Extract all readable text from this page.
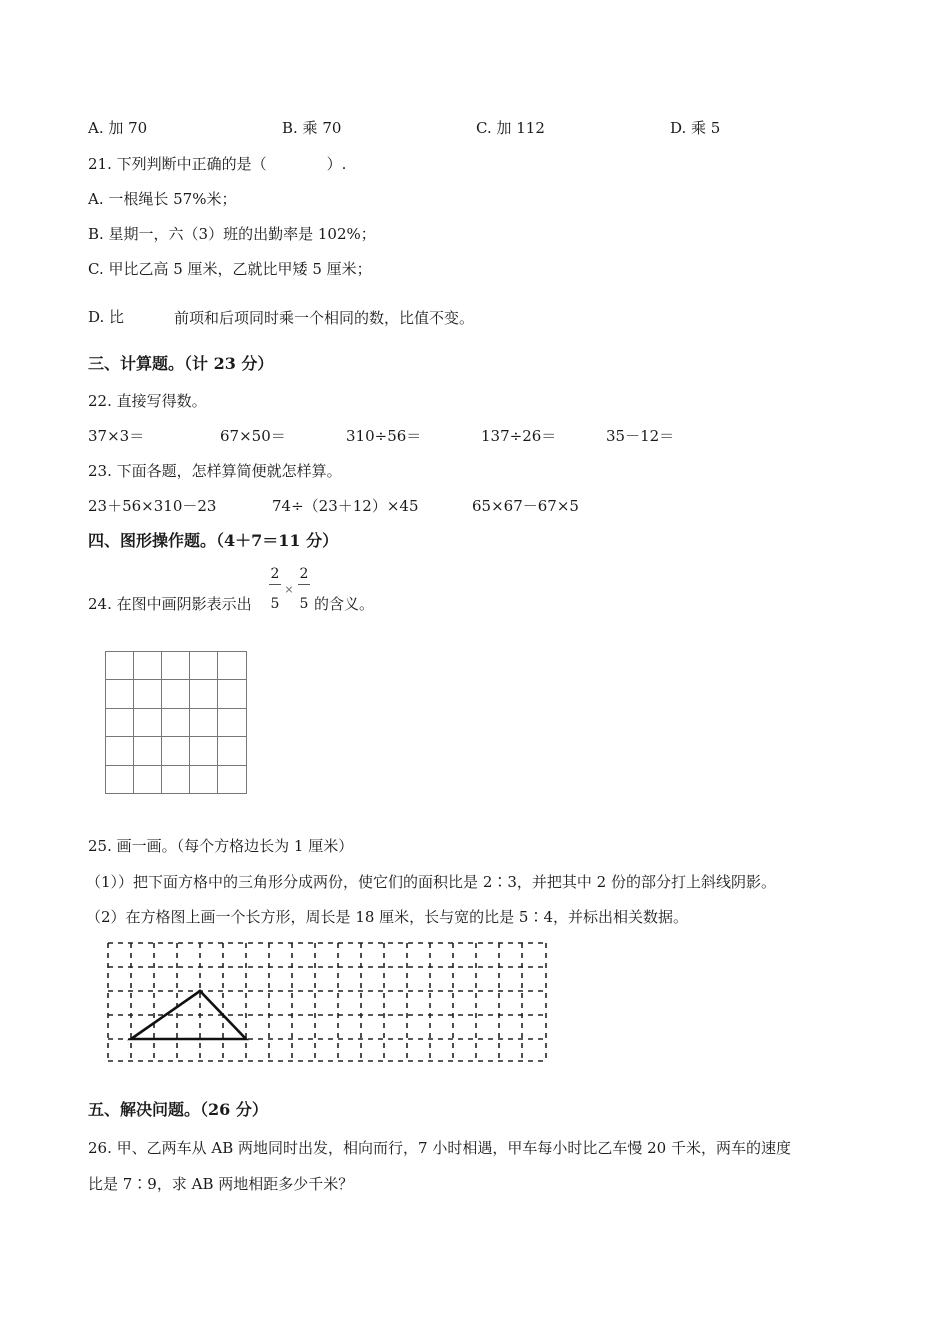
A. 加 70	B. 乘 70	C. 加 112	D. 乘 5
21. 下列判断中正确的是（　　　　）.
A. 一根绳长 57%米；
B. 星期一，六（3）班的出勤率是 102%；
C. 甲比乙高 5 厘米，乙就比甲矮 5 厘米；
D. 比	前项和后项同时乘一个相同的数，比值不变。
三、计算题。（计 23 分）
22. 直接写得数。
37×3＝	67×50＝	310÷56＝	137÷26＝	35－12＝
23. 下面各题，怎样算简便就怎样算。
23＋56×310－23	74÷（23＋12）×45	65×67－67×5
四、图形操作题。（4＋7＝11 分）
24. 在图中画阴影表示出
2
5
×
2
5 的含义。
25. 画一画。（每个方格边长为 1 厘米）
（1））把下面方格中的三角形分成两份，使它们的面积比是 2∶3，并把其中 2 份的部分打上斜线阴影。
（2）在方格图上画一个长方形，周长是 18 厘米，长与宽的比是 5∶4，并标出相关数据。
五、解决问题。（26 分）
26. 甲、乙两车从 AB 两地同时出发，相向而行，7 小时相遇，甲车每小时比乙车慢 20 千米，两车的速度
比是 7∶9，求 AB 两地相距多少千米？
